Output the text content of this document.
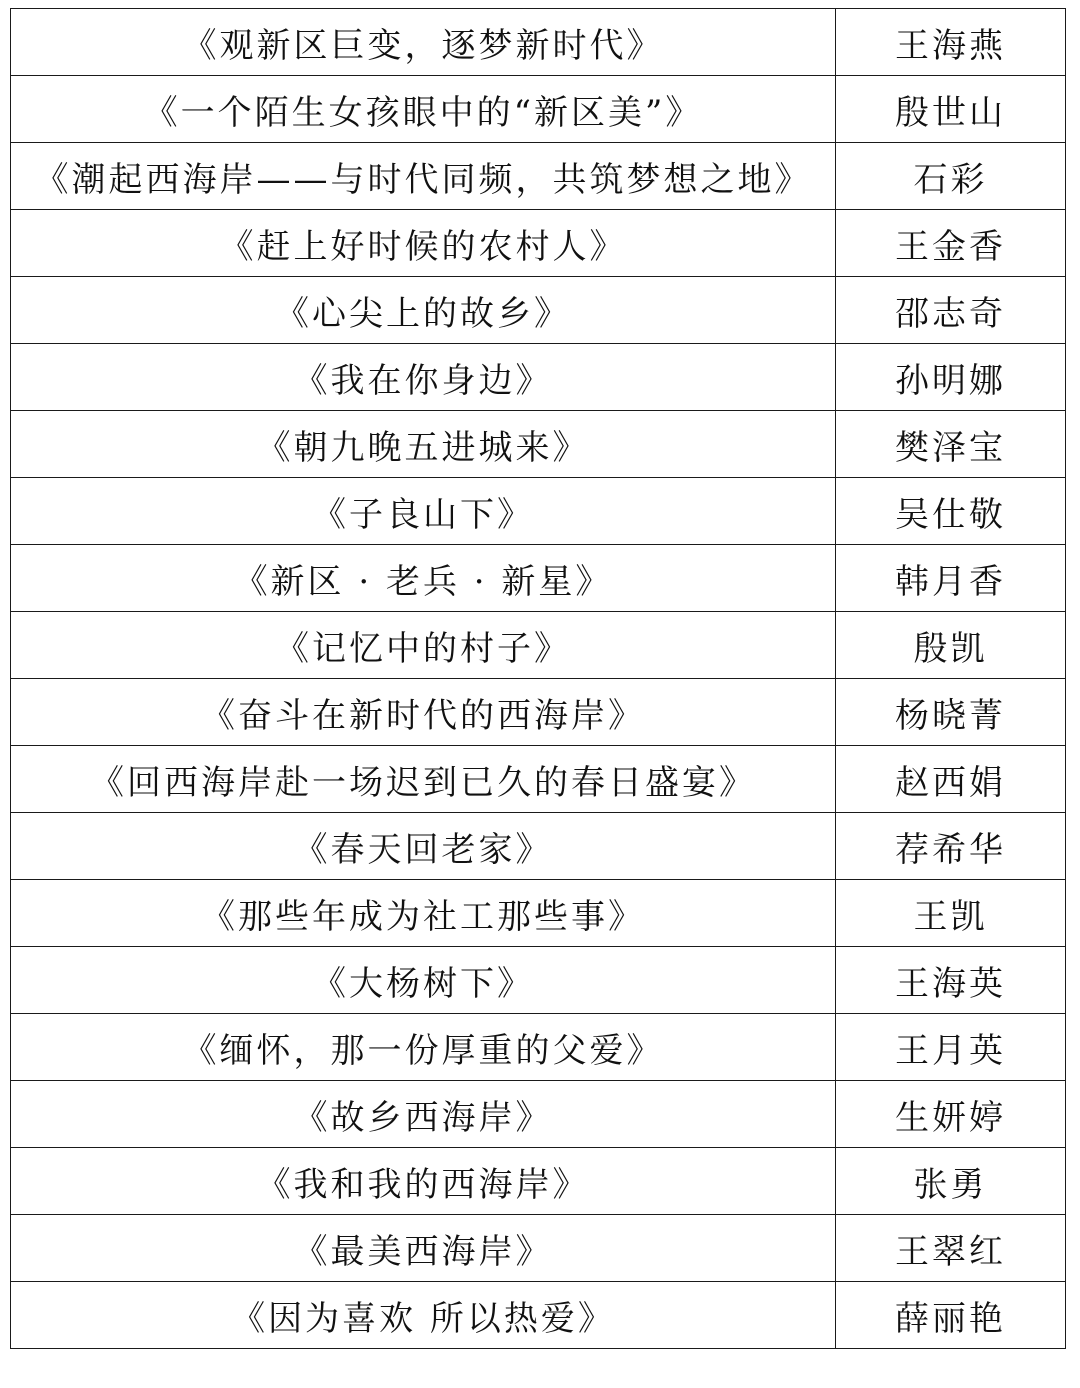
《观新区巨变，逐梦新时代》	王海燕
《一个陌生女孩眼中的“新区美”》	殷世山
《潮起西海岸——与时代同频，共筑梦想之地》	石彩
《赶上好时候的农村人》	王金香
《心尖上的故乡》	邵志奇
《我在你身边》	孙明娜
《朝九晚五进城来》	樊泽宝
《子良山下》	吴仕敬
《新区 · 老兵 · 新星》	韩月香
《记忆中的村子》	殷凯
《奋斗在新时代的西海岸》	杨晓菁
《回西海岸赴一场迟到已久的春日盛宴》	赵西娟
《春天回老家》	荐希华
《那些年成为社工那些事》	王凯
《大杨树下》	王海英
《缅怀，那一份厚重的父爱》	王月英
《故乡西海岸》	生妍婷
《我和我的西海岸》	张勇
《最美西海岸》	王翠红
《因为喜欢 所以热爱》	薛丽艳
